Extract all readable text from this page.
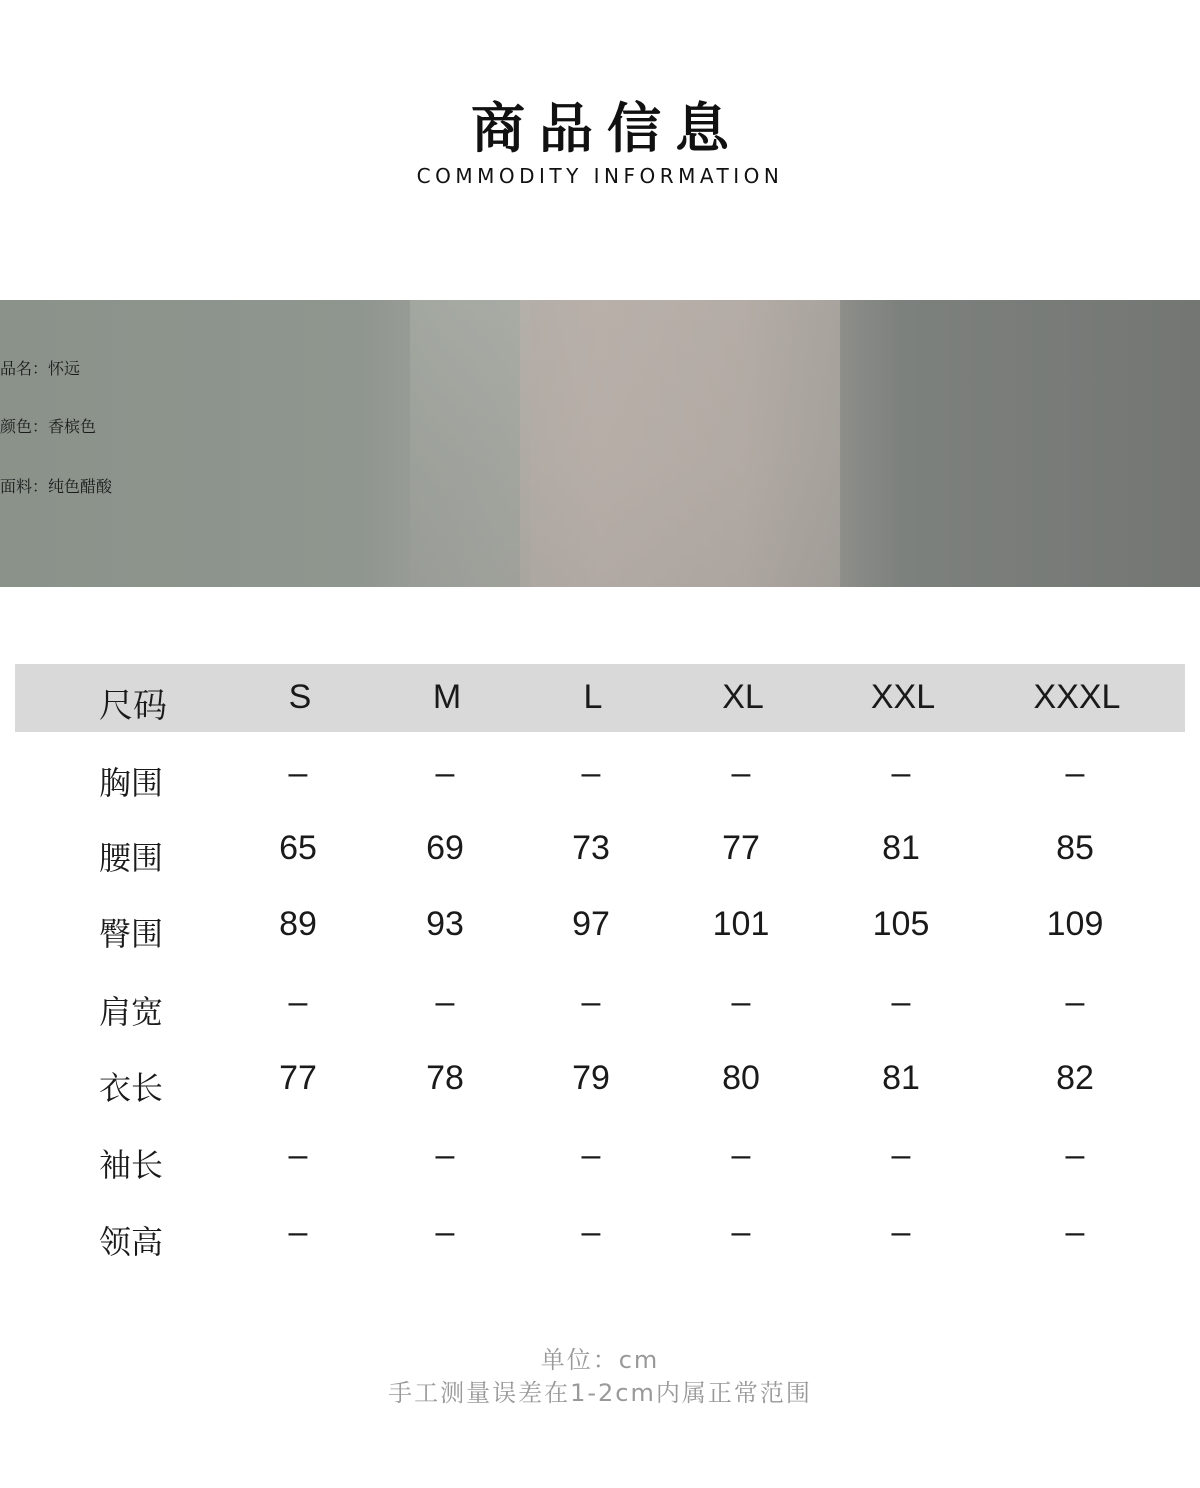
商品信息
COMMODITY INFORMATION
品名：怀远
颜色：香槟色
面料：纯色醋酸
尺码	S	M	L	XL	XXL	XXXL
胸围	–	–	–	–	–	–
腰围	65	69	73	77	81	85
臀围	89	93	97	101	105	109
肩宽	–	–	–	–	–	–
衣长	77	78	79	80	81	82
袖长	–	–	–	–	–	–
领高	–	–	–	–	–	–
单位：cm
手工测量误差在1-2cm内属正常范围
